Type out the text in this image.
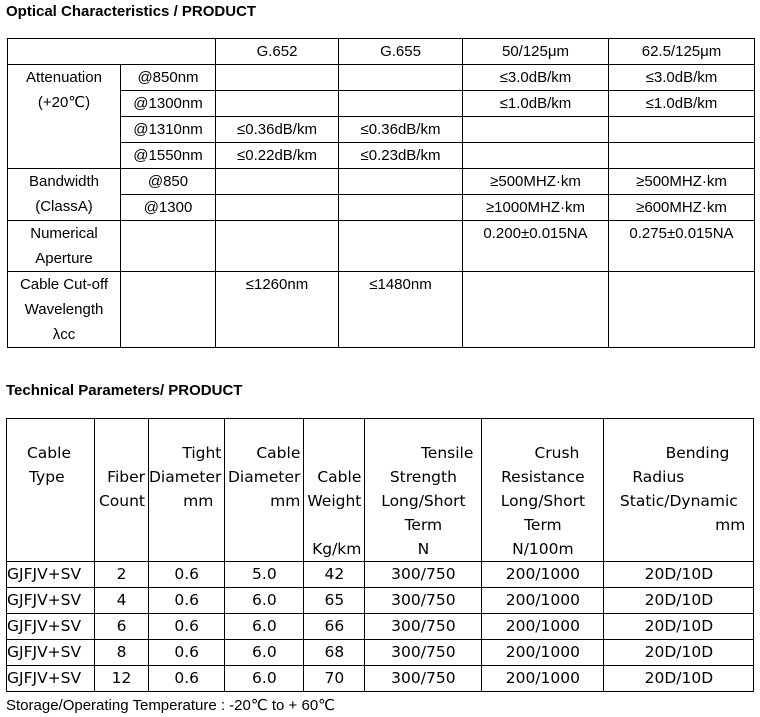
Optical Characteristics / PRODUCT

		G.652	G.655	50/125μm	62.5/125μm

Attenuation
(+20℃)	@850nm			≤3.0dB/km	≤3.0dB/km
	@1300nm			≤1.0dB/km	≤1.0dB/km
	@1310nm	≤0.36dB/km	≤0.36dB/km		
	@1550nm	≤0.22dB/km	≤0.23dB/km		

Bandwidth
(ClassA)	@850			≥500MHZ·km	≥500MHZ·km
	@1300			≥1000MHZ·km	≥600MHZ·km

Numerical
Aperture				0.200±0.015NA	0.275±0.015NA

Cable Cut-off
Wavelength
λcc		≤1260nm	≤1480nm		

Technical Parameters/ PRODUCT

Cable
Type	Fiber
Count	Tight
Diameter
mm	Cable
Diameter
mm	Cable
Weight
Kg/km	Tensile
Strength
Long/Short
Term
N	Crush
Resistance
Long/Short
Term
N/100m	Bending
Radius
Static/Dynamic
mm

GJFJV+SV	2	0.6	5.0	42	300/750	200/1000	20D/10D
GJFJV+SV	4	0.6	6.0	65	300/750	200/1000	20D/10D
GJFJV+SV	6	0.6	6.0	66	300/750	200/1000	20D/10D
GJFJV+SV	8	0.6	6.0	68	300/750	200/1000	20D/10D
GJFJV+SV	12	0.6	6.0	70	300/750	200/1000	20D/10D

Storage/Operating Temperature : -20℃ to + 60℃
